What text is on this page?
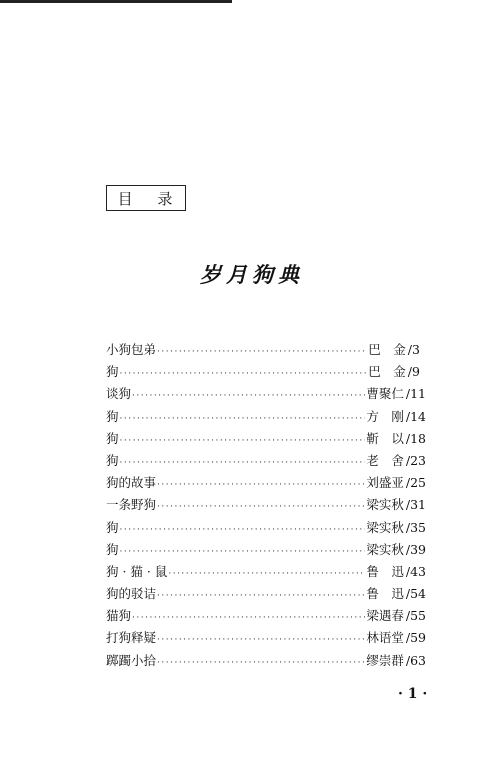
目 录
岁月狗典
小狗包弟 ·····	巴　金 / 3
狗 ·····	巴　金 / 9
谈狗 ·····	曹聚仁 / 11
狗 ·····	方　刚 / 14
狗 ·····	靳　以 / 18
狗 ·····	老　舍 / 23
狗的故事 ·····	刘盛亚 / 25
一条野狗 ·····	梁实秋 / 31
狗 ·····	梁实秋 / 35
狗 ·····	梁实秋 / 39
狗 · 猫 · 鼠 ·····	鲁　迅 / 43
狗的驳诘 ·····	鲁　迅 / 54
猫狗 ·····	梁遇春 / 55
打狗释疑 ·····	林语堂 / 59
踯躅小拾 ·····	缪崇群 / 63
· 1 ·
